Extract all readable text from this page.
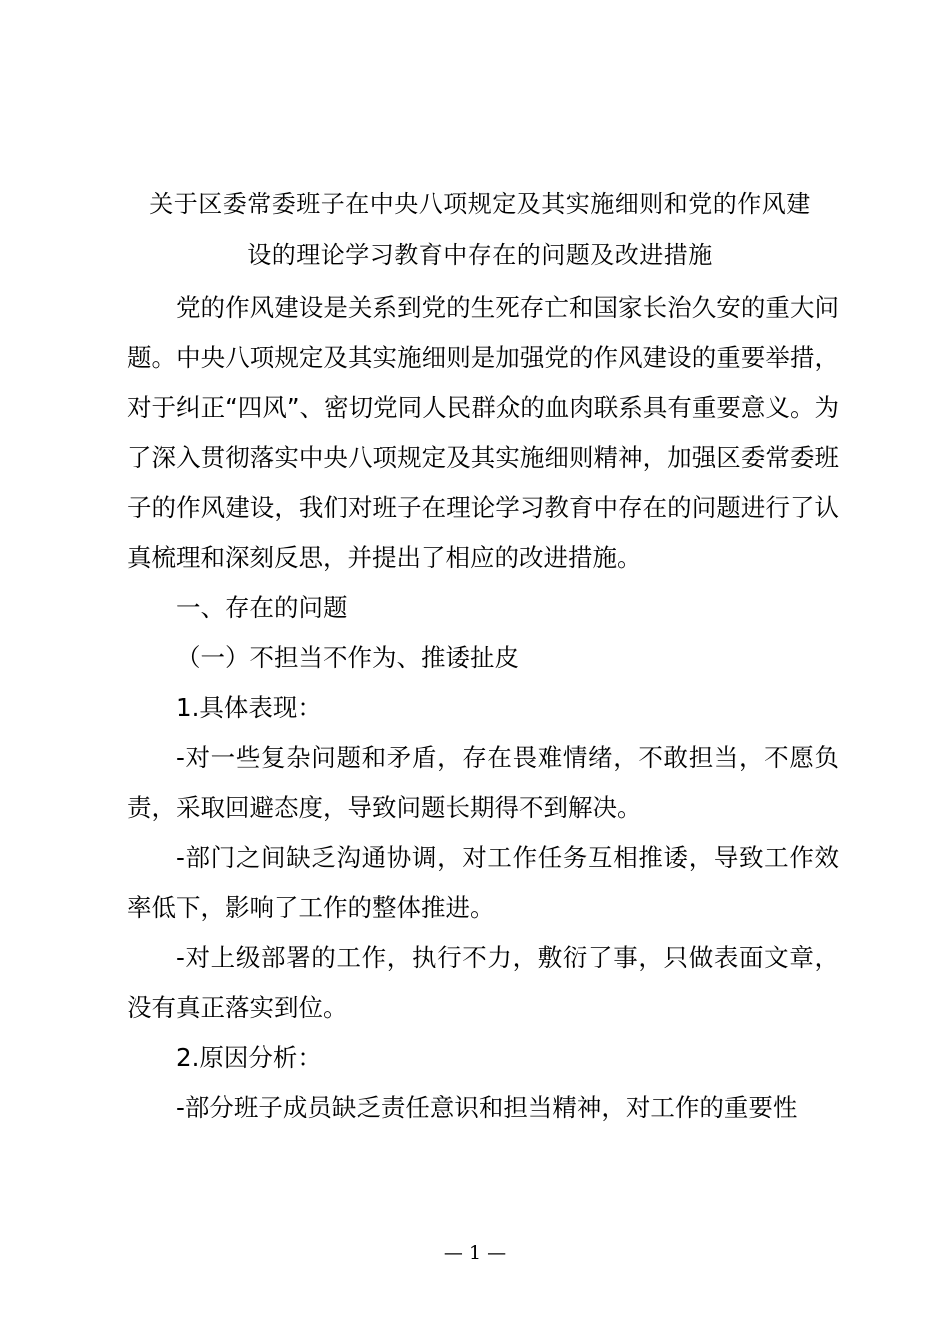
关于区委常委班子在中央八项规定及其实施细则和党的作风建
设的理论学习教育中存在的问题及改进措施

党的作风建设是关系到党的生死存亡和国家长治久安的重大问题。中央八项规定及其实施细则是加强党的作风建设的重要举措，对于纠正“四风”、密切党同人民群众的血肉联系具有重要意义。为了深入贯彻落实中央八项规定及其实施细则精神，加强区委常委班子的作风建设，我们对班子在理论学习教育中存在的问题进行了认真梳理和深刻反思，并提出了相应的改进措施。

一、存在的问题

（一）不担当不作为、推诿扯皮

1.具体表现：

-对一些复杂问题和矛盾，存在畏难情绪，不敢担当，不愿负责，采取回避态度，导致问题长期得不到解决。

-部门之间缺乏沟通协调，对工作任务互相推诿，导致工作效率低下，影响了工作的整体推进。

-对上级部署的工作，执行不力，敷衍了事，只做表面文章，没有真正落实到位。

2.原因分析：

-部分班子成员缺乏责任意识和担当精神，对工作的重要性

— 1 —
